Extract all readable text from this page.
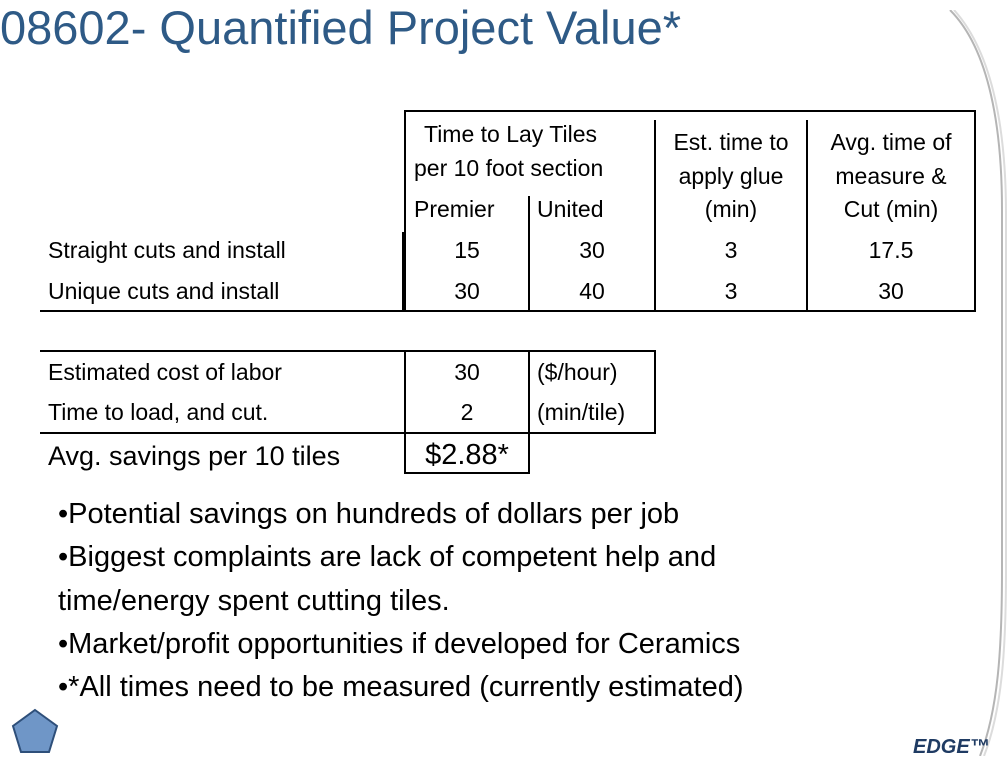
08602- Quantified Project Value*
Time to Lay Tiles
per 10 foot section
Premier United
Est. time to
apply glue
(min)
Avg. time of
measure &
Cut (min)
Straight cuts and install	15	30	3	17.5
Unique cuts and install	30	40	3	30
Estimated cost of labor	30	($/hour)
Time to load, and cut.	2	(min/tile)
Avg. savings per 10 tiles	$2.88*
•Potential savings on hundreds of dollars per job
•Biggest complaints are lack of competent help and
time/energy spent cutting tiles.
•Market/profit opportunities if developed for Ceramics
•*All times need to be measured (currently estimated)
EDGE™
